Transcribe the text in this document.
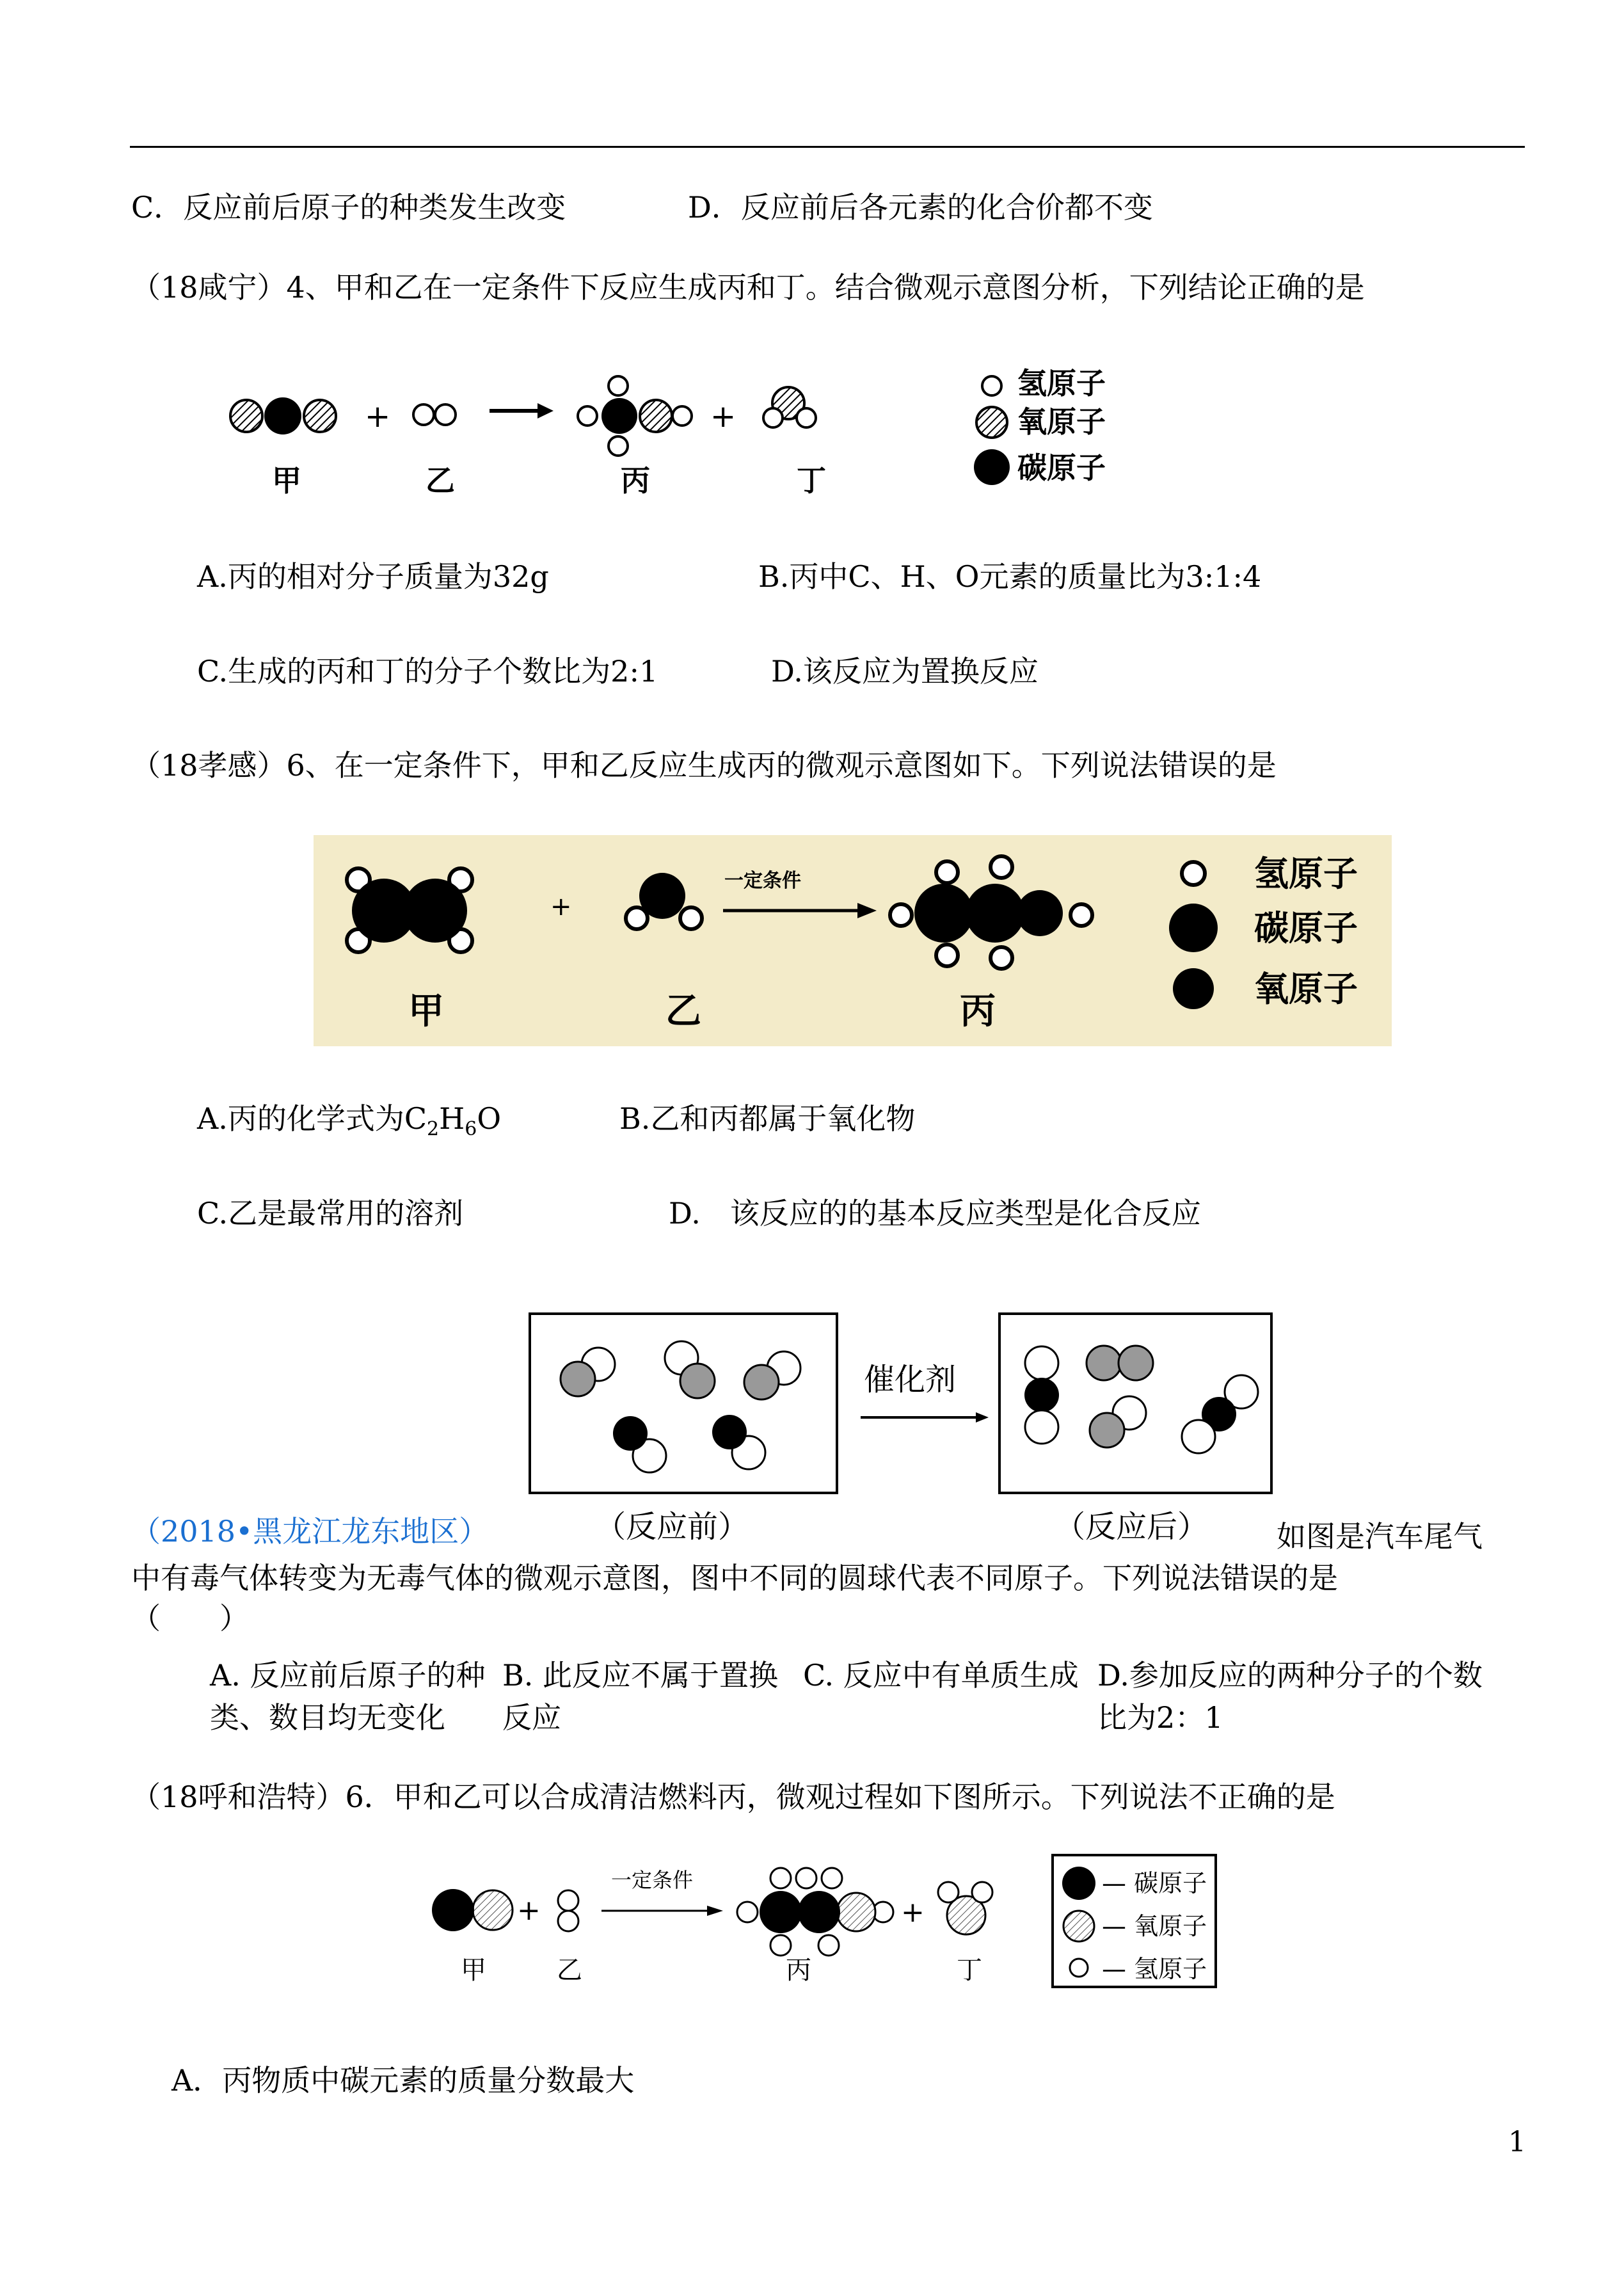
C．反应前后原子的种类发生改变	D．反应前后各元素的化合价都不变
（18咸宁）4、甲和乙在一定条件下反应生成丙和丁。结合微观示意图分析，下列结论正确的是
+	+
甲	乙	丙	丁
氢原子
氧原子
碳原子
A.丙的相对分子质量为32g	B.丙中C、H、O元素的质量比为3:1:4
C.生成的丙和丁的分子个数比为2:1	D.该反应为置换反应
（18孝感）6、在一定条件下，甲和乙反应生成丙的微观示意图如下。下列说法错误的是
+
一定条件
甲	乙	丙
氢原子
碳原子
氧原子
A.丙的化学式为$C_2H_6O$	B.乙和丙都属于氧化物
C.乙是最常用的溶剂	D.　该反应的的基本反应类型是化合反应
催化剂
（反应前）	（反应后）
（2018•黑龙江龙东地区）	如图是汽车尾气
中有毒气体转变为无毒气体的微观示意图，图中不同的圆球代表不同原子。下列说法错误的是
（　　）
A. 反应前后原子的种类、数目均无变化
B. 此反应不属于置换反应
C. 反应中有单质生成 D.参加反应的两种分子的个数比为2：1
（18呼和浩特）6．甲和乙可以合成清洁燃料丙，微观过程如下图所示。下列说法不正确的是
+	+
一定条件
甲	乙	丙	丁
— 碳原子
— 氧原子
— 氢原子
A．丙物质中碳元素的质量分数最大
1
